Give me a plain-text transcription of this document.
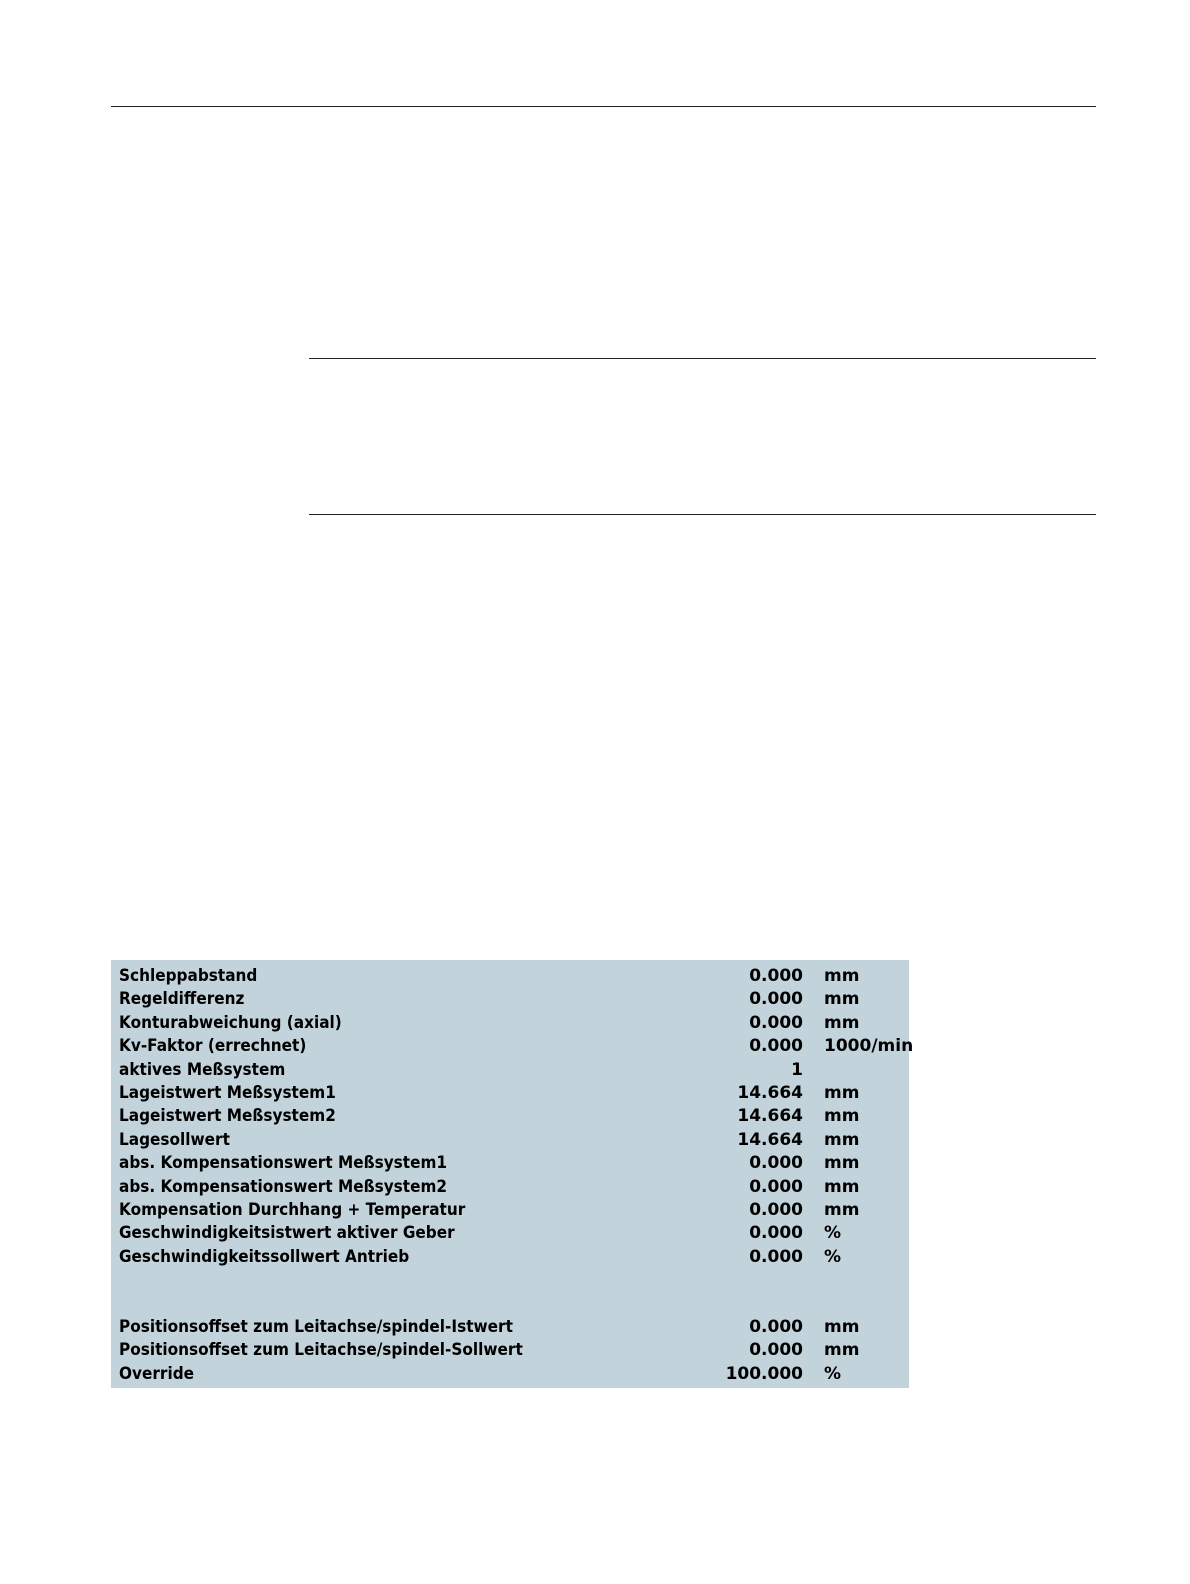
Schleppabstand	0.000 mm
Regeldifferenz	0.000 mm
Konturabweichung (axial)	0.000 mm
Kv-Faktor (errechnet)	0.000 1000/min
aktives Meßsystem	1
Lageistwert Meßsystem1	14.664 mm
Lageistwert Meßsystem2	14.664 mm
Lagesollwert	14.664 mm
abs. Kompensationswert Meßsystem1	0.000 mm
abs. Kompensationswert Meßsystem2	0.000 mm
Kompensation Durchhang + Temperatur	0.000 mm
Geschwindigkeitsistwert aktiver Geber	0.000 %
Geschwindigkeitssollwert Antrieb	0.000 %
Positionsoffset zum Leitachse/spindel-Istwert	0.000 mm
Positionsoffset zum Leitachse/spindel-Sollwert	0.000 mm
Override	100.000 %
